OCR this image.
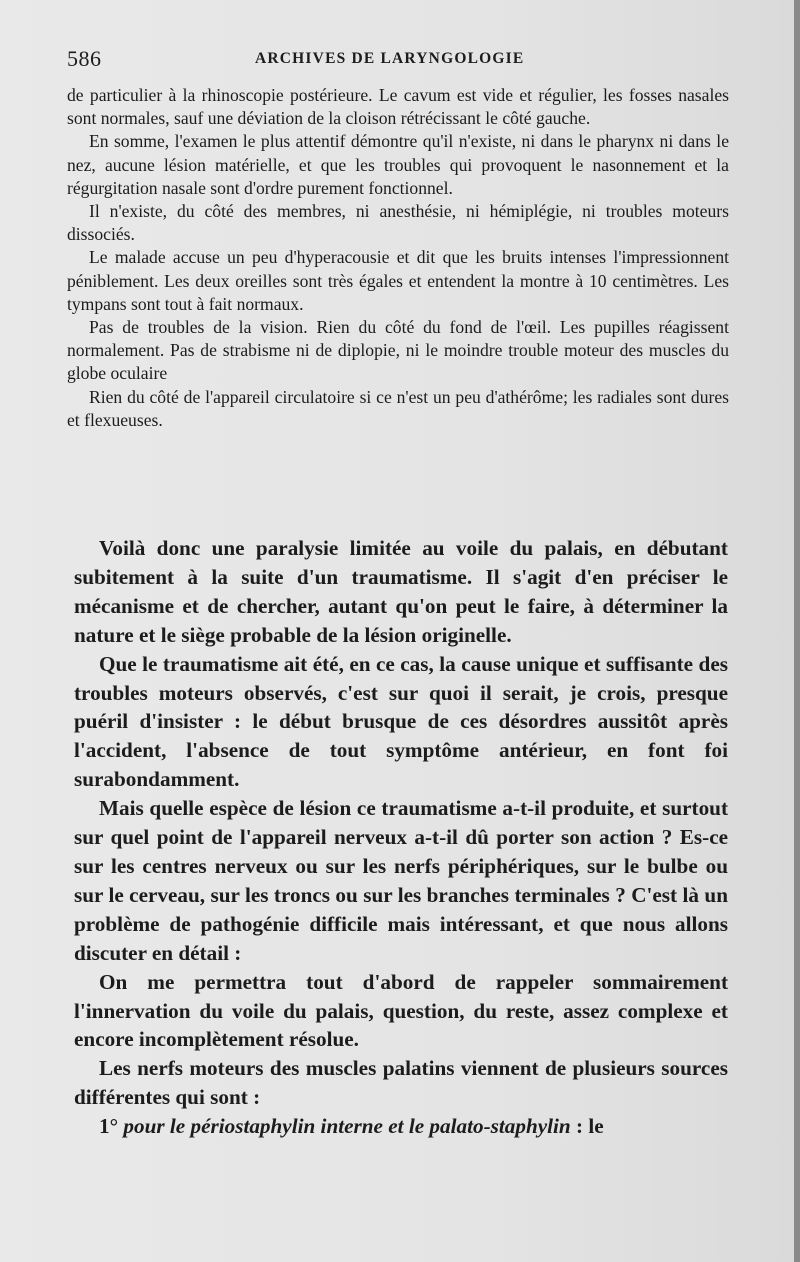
586	ARCHIVES DE LARYNGOLOGIE

de particulier à la rhinoscopie postérieure. Le cavum est vide et régulier, les fosses nasales sont normales, sauf une déviation de la cloison rétrécissant le côté gauche.

En somme, l'examen le plus attentif démontre qu'il n'existe, ni dans le pharynx ni dans le nez, aucune lésion matérielle, et que les troubles qui provoquent le nasonnement et la régurgitation nasale sont d'ordre purement fonctionnel.

Il n'existe, du côté des membres, ni anesthésie, ni hémiplégie, ni troubles moteurs dissociés.

Le malade accuse un peu d'hyperacousie et dit que les bruits intenses l'impressionnent péniblement. Les deux oreilles sont très égales et entendent la montre à 10 centimètres. Les tympans sont tout à fait normaux.

Pas de troubles de la vision. Rien du côté du fond de l'œil. Les pupilles réagissent normalement. Pas de strabisme ni de diplopie, ni le moindre trouble moteur des muscles du globe oculaire

Rien du côté de l'appareil circulatoire si ce n'est un peu d'athérôme; les radiales sont dures et flexueuses.

Voilà donc une paralysie limitée au voile du palais, en débutant subitement à la suite d'un traumatisme. Il s'agit d'en préciser le mécanisme et de chercher, autant qu'on peut le faire, à déterminer la nature et le siège probable de la lésion originelle.

Que le traumatisme ait été, en ce cas, la cause unique et suffisante des troubles moteurs observés, c'est sur quoi il serait, je crois, presque puéril d'insister : le début brusque de ces désordres aussitôt après l'accident, l'absence de tout symptôme antérieur, en font foi surabondamment.

Mais quelle espèce de lésion ce traumatisme a-t-il produite, et surtout sur quel point de l'appareil nerveux a-t-il dû porter son action ? Es-ce sur les centres nerveux ou sur les nerfs périphériques, sur le bulbe ou sur le cerveau, sur les troncs ou sur les branches terminales ? C'est là un problème de pathogénie difficile mais intéressant, et que nous allons discuter en détail :

On me permettra tout d'abord de rappeler sommairement l'innervation du voile du palais, question, du reste, assez complexe et encore incomplètement résolue.

Les nerfs moteurs des muscles palatins viennent de plusieurs sources différentes qui sont :

1° pour le périostaphylin interne et le palato-staphylin : le
